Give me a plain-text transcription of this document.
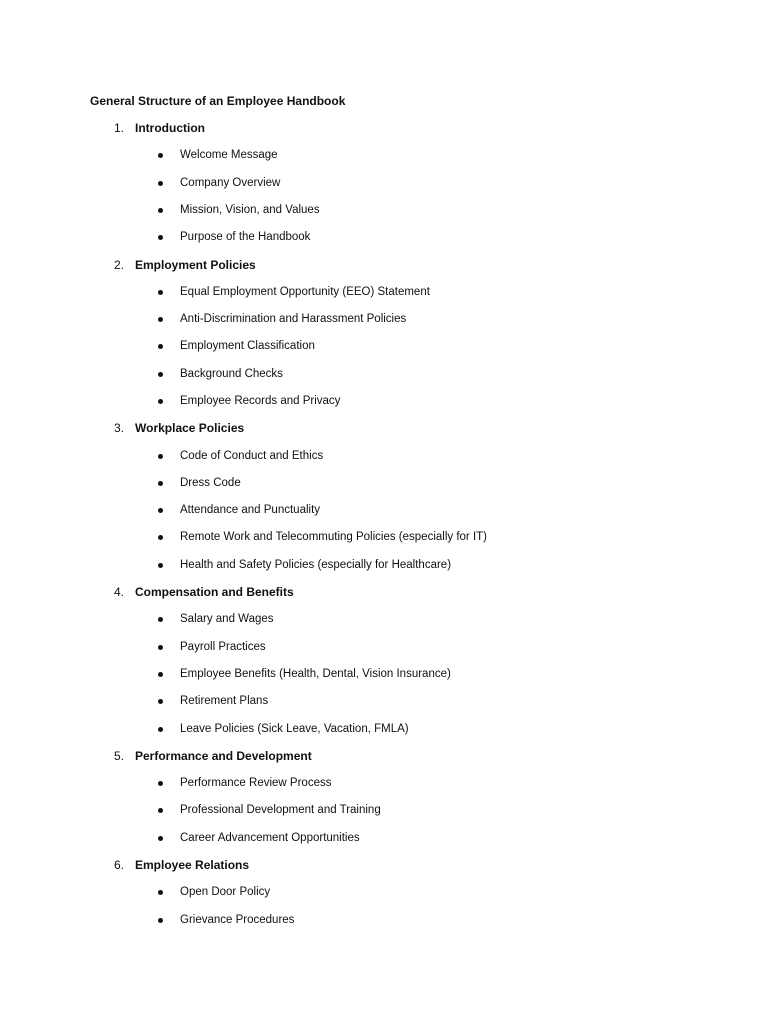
General Structure of an Employee Handbook
1. Introduction
Welcome Message
Company Overview
Mission, Vision, and Values
Purpose of the Handbook
2. Employment Policies
Equal Employment Opportunity (EEO) Statement
Anti-Discrimination and Harassment Policies
Employment Classification
Background Checks
Employee Records and Privacy
3. Workplace Policies
Code of Conduct and Ethics
Dress Code
Attendance and Punctuality
Remote Work and Telecommuting Policies (especially for IT)
Health and Safety Policies (especially for Healthcare)
4. Compensation and Benefits
Salary and Wages
Payroll Practices
Employee Benefits (Health, Dental, Vision Insurance)
Retirement Plans
Leave Policies (Sick Leave, Vacation, FMLA)
5. Performance and Development
Performance Review Process
Professional Development and Training
Career Advancement Opportunities
6. Employee Relations
Open Door Policy
Grievance Procedures
